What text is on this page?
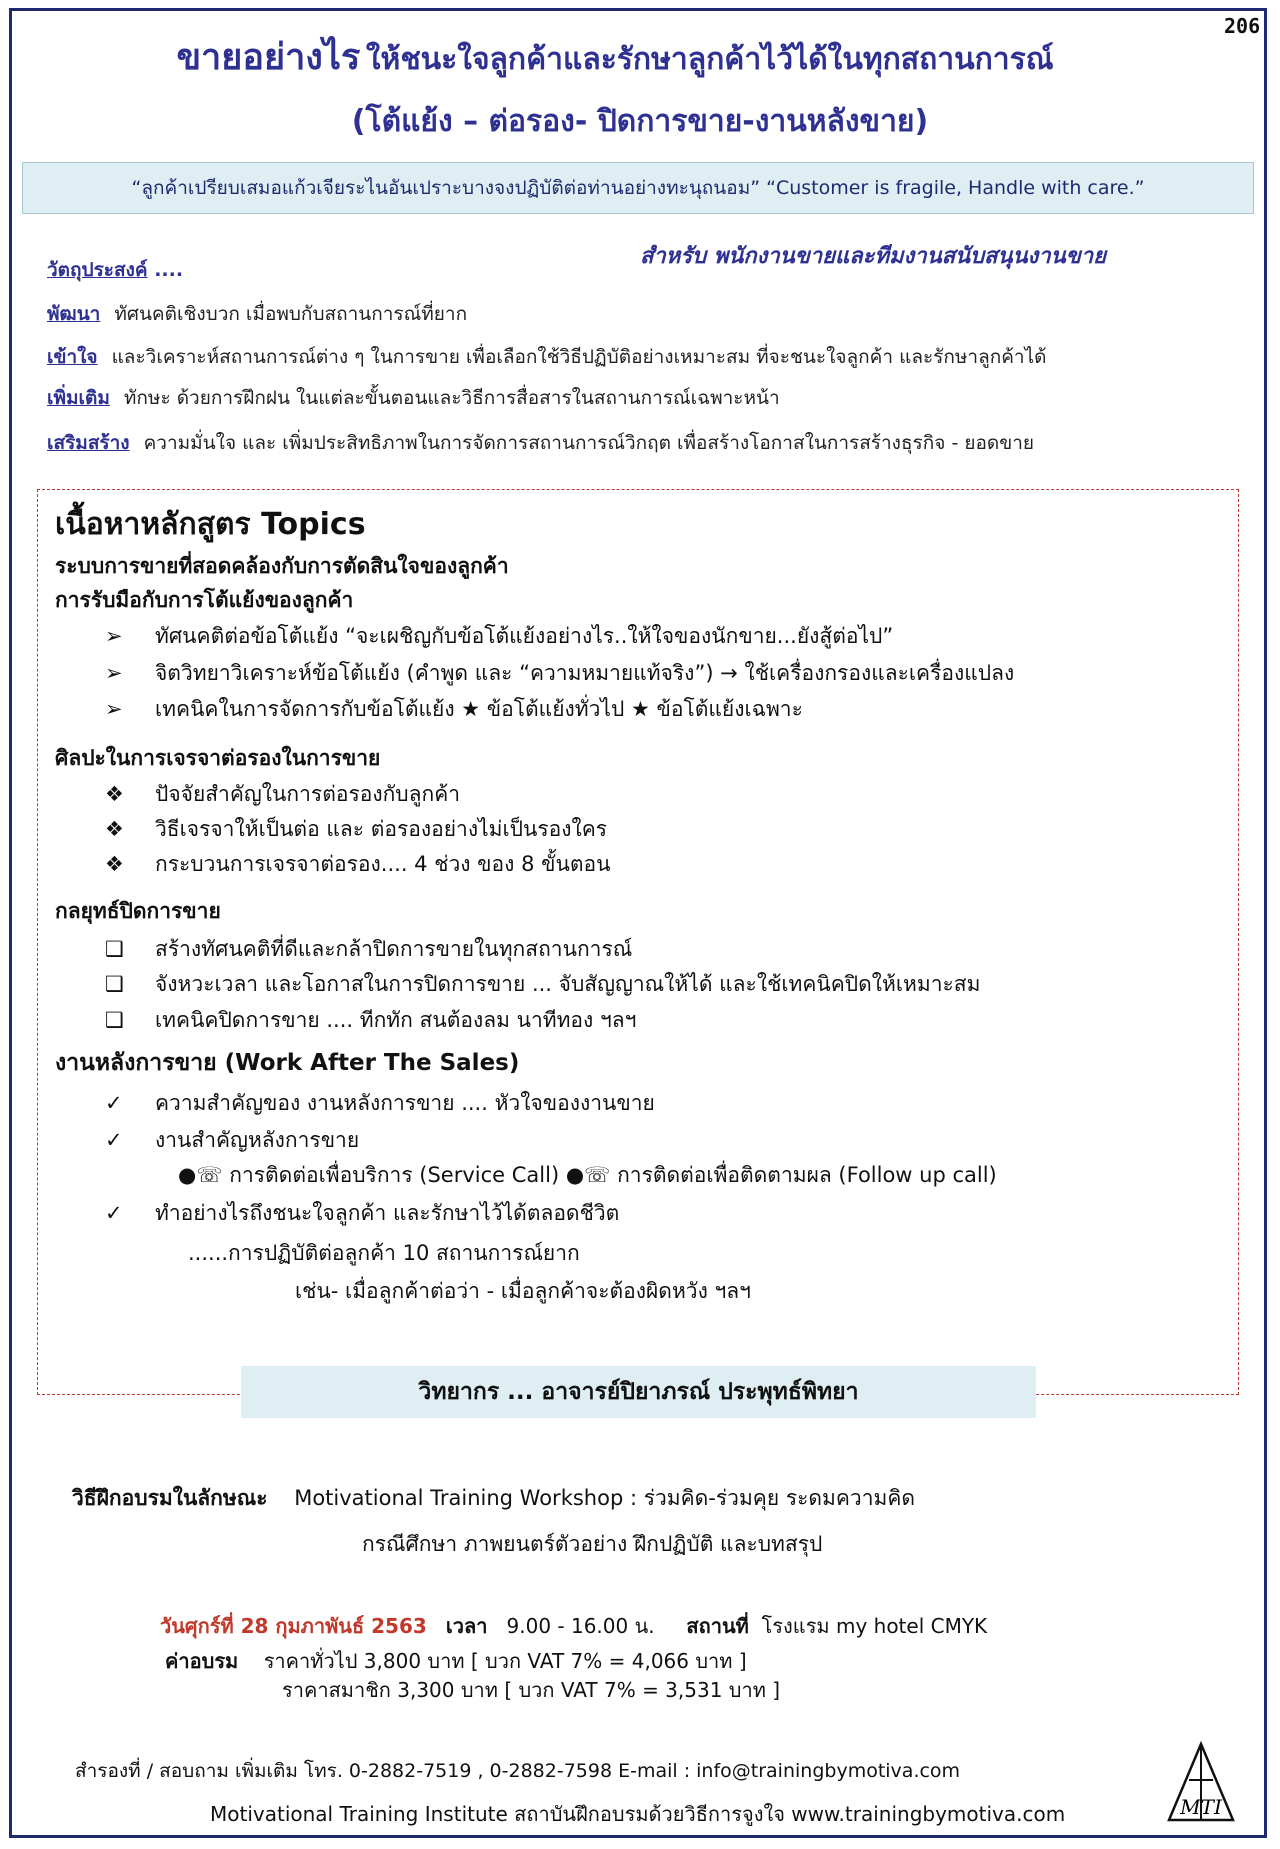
206
ขายอย่างไร ให้ชนะใจลูกค้าและรักษาลูกค้าไว้ได้ในทุกสถานการณ์
(โต้แย้ง – ต่อรอง- ปิดการขาย-งานหลังขาย)
“ลูกค้าเปรียบเสมอแก้วเจียระไนอันเปราะบางจงปฏิบัติต่อท่านอย่างทะนุถนอม” “Customer is fragile, Handle with care.”
วัตถุประสงค์ ....
สำหรับ พนักงานขายและทีมงานสนับสนุนงานขาย
พัฒนา ทัศนคติเชิงบวก เมื่อพบกับสถานการณ์ที่ยาก
เข้าใจ และวิเคราะห์สถานการณ์ต่าง ๆ ในการขาย เพื่อเลือกใช้วิธีปฏิบัติอย่างเหมาะสม ที่จะชนะใจลูกค้า และรักษาลูกค้าได้
เพิ่มเติม ทักษะ ด้วยการฝึกฝน ในแต่ละขั้นตอนและวิธีการสื่อสารในสถานการณ์เฉพาะหน้า
เสริมสร้าง ความมั่นใจ และ เพิ่มประสิทธิภาพในการจัดการสถานการณ์วิกฤต เพื่อสร้างโอกาสในการสร้างธุรกิจ - ยอดขาย
เนื้อหาหลักสูตร Topics
ระบบการขายที่สอดคล้องกับการตัดสินใจของลูกค้า
การรับมือกับการโต้แย้งของลูกค้า
➢ ทัศนคติต่อข้อโต้แย้ง “จะเผชิญกับข้อโต้แย้งอย่างไร..ให้ใจของนักขาย...ยังสู้ต่อไป”
➢ จิตวิทยาวิเคราะห์ข้อโต้แย้ง (คำพูด และ “ความหมายแท้จริง”) → ใช้เครื่องกรองและเครื่องแปลง
➢ เทคนิคในการจัดการกับข้อโต้แย้ง ★ ข้อโต้แย้งทั่วไป ★ ข้อโต้แย้งเฉพาะ
ศิลปะในการเจรจาต่อรองในการขาย
❖ ปัจจัยสำคัญในการต่อรองกับลูกค้า
❖ วิธีเจรจาให้เป็นต่อ และ ต่อรองอย่างไม่เป็นรองใคร
❖ กระบวนการเจรจาต่อรอง.... 4 ช่วง ของ 8 ขั้นตอน
กลยุทธ์ปิดการขาย
❑ สร้างทัศนคติที่ดีและกล้าปิดการขายในทุกสถานการณ์
❑ จังหวะเวลา และโอกาสในการปิดการขาย ... จับสัญญาณให้ได้ และใช้เทคนิคปิดให้เหมาะสม
❑ เทคนิคปิดการขาย .... ทีกทัก สนต้องลม นาทีทอง ฯลฯ
งานหลังการขาย (Work After The Sales)
✓ ความสำคัญของ งานหลังการขาย .... หัวใจของงานขาย
✓ งานสำคัญหลังการขาย
●☏ การติดต่อเพื่อบริการ (Service Call) ●☏ การติดต่อเพื่อติดตามผล (Follow up call)
✓ ทำอย่างไรถึงชนะใจลูกค้า และรักษาไว้ได้ตลอดชีวิต
......การปฏิบัติต่อลูกค้า 10 สถานการณ์ยาก
เช่น- เมื่อลูกค้าต่อว่า - เมื่อลูกค้าจะต้องผิดหวัง ฯลฯ
วิทยากร ... อาจารย์ปิยาภรณ์ ประพุทธ์พิทยา
วิธีฝึกอบรมในลักษณะ Motivational Training Workshop : ร่วมคิด-ร่วมคุย ระดมความคิด
กรณีศึกษา ภาพยนตร์ตัวอย่าง ฝึกปฏิบัติ และบทสรุป
วันศุกร์ที่ 28 กุมภาพันธ์ 2563 เวลา 9.00 - 16.00 น. สถานที่ โรงแรม my hotel CMYK
ค่าอบรม ราคาทั่วไป 3,800 บาท [ บวก VAT 7% = 4,066 บาท ]
ราคาสมาชิก 3,300 บาท [ บวก VAT 7% = 3,531 บาท ]
สำรองที่ / สอบถาม เพิ่มเติม โทร. 0-2882-7519 , 0-2882-7598 E-mail : info@trainingbymotiva.com
Motivational Training Institute สถาบันฝึกอบรมด้วยวิธีการจูงใจ www.trainingbymotiva.com	MTI
